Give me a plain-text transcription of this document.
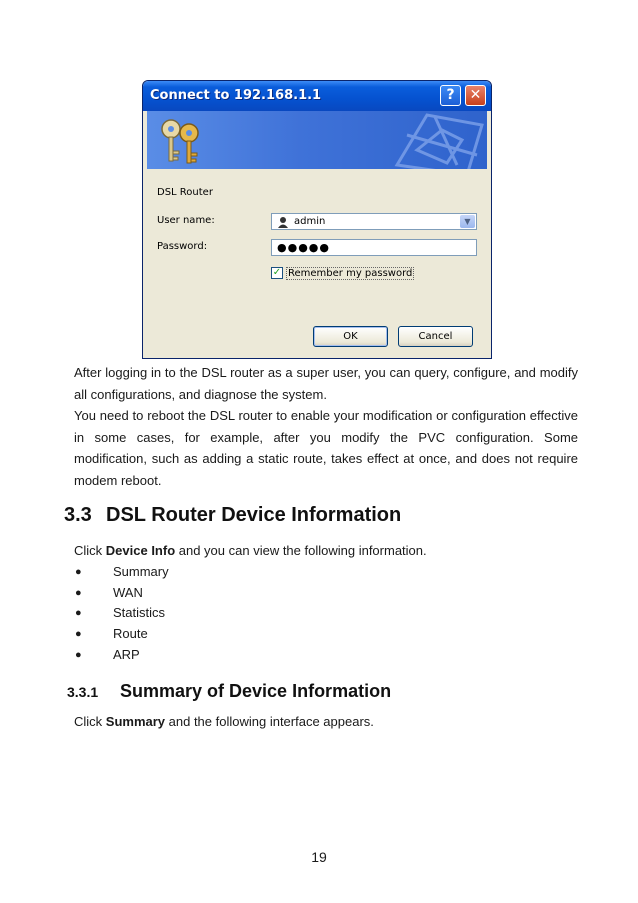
Connect to 192.168.1.1	?	✕
DSL Router
User name:	admin	▼
Password:	●●●●●
✓ Remember my password
OK	Cancel
After logging in to the DSL router as a super user, you can query, configure, and modify all configurations, and diagnose the system.
You need to reboot the DSL router to enable your modification or configuration effective in some cases, for example, after you modify the PVC configuration. Some modification, such as adding a static route, takes effect at once, and does not require modem reboot.
3.3 DSL Router Device Information
Click Device Info and you can view the following information.
● Summary
● WAN
● Statistics
● Route
● ARP
3.3.1 Summary of Device Information
Click Summary and the following interface appears.
19
